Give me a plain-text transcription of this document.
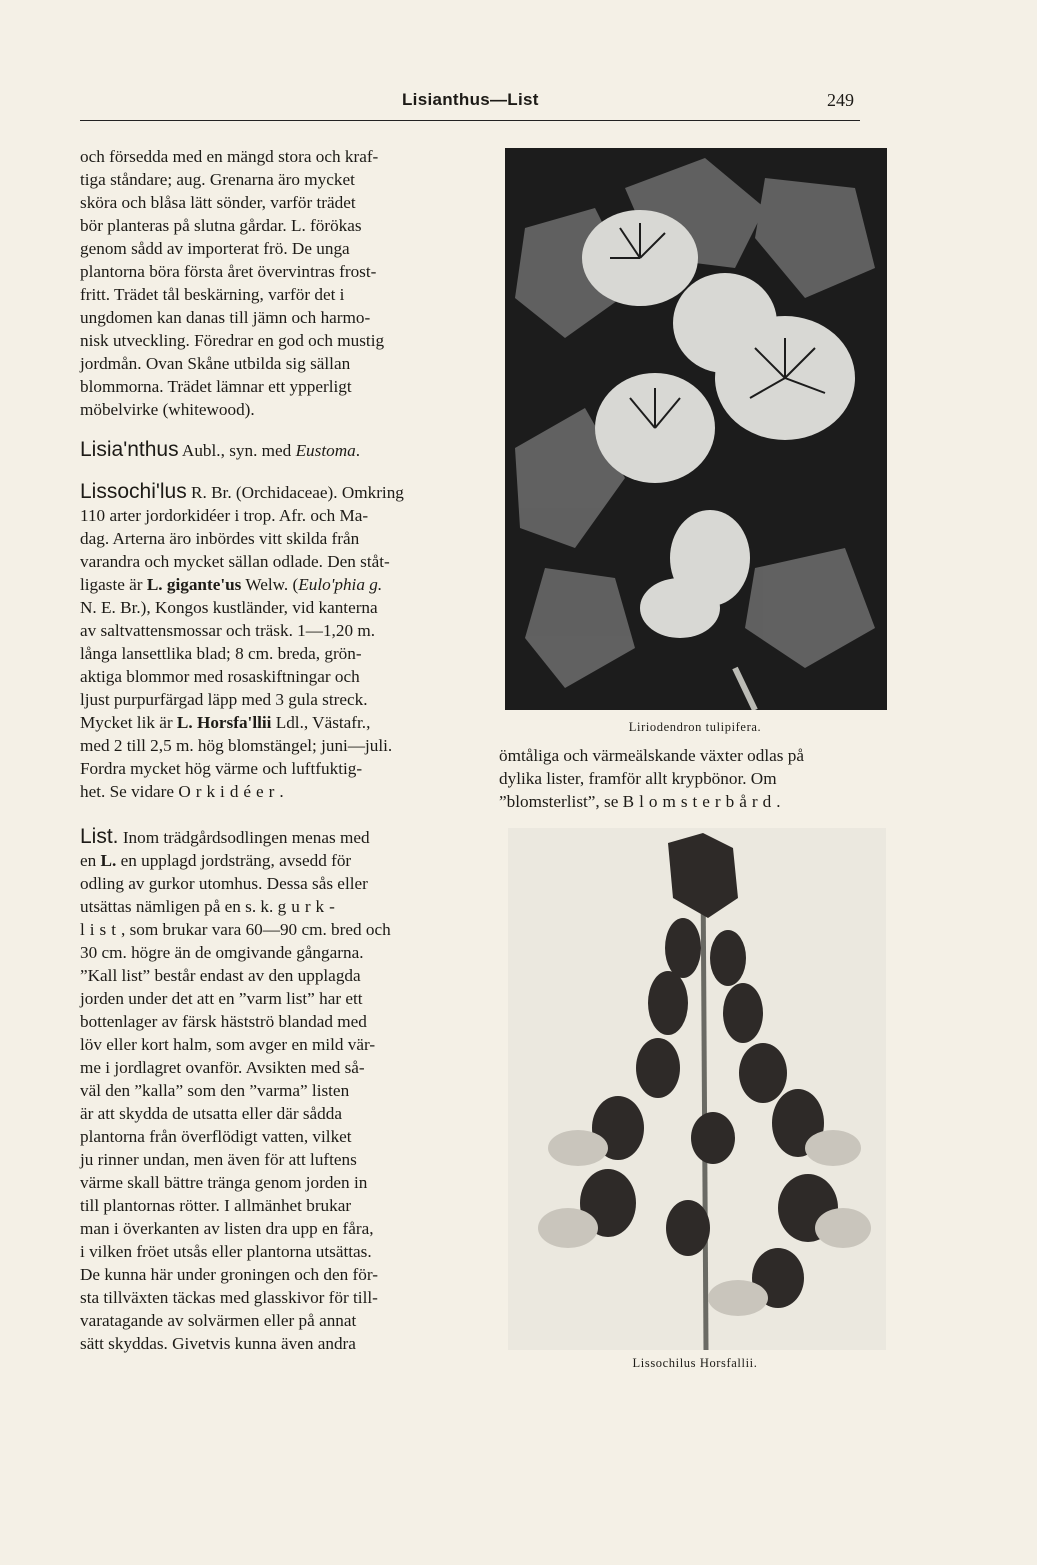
Lisianthus—List	249

och försedda med en mängd stora och kraf-
tiga ståndare; aug. Grenarna äro mycket
sköra och blåsa lätt sönder, varför trädet
bör planteras på slutna gårdar. L. förökas
genom sådd av importerat frö. De unga
plantorna böra första året övervintras frost-
fritt. Trädet tål beskärning, varför det i
ungdomen kan danas till jämn och harmo-
nisk utveckling. Föredrar en god och mustig
jordmån. Ovan Skåne utbilda sig sällan
blommorna. Trädet lämnar ett ypperligt
möbelvirke (whitewood).

Lisia'nthus Aubl., syn. med Eustoma.

Lissochi'lus R. Br. (Orchidaceae). Omkring
110 arter jordorkidéer i trop. Afr. och Ma-
dag. Arterna äro inbördes vitt skilda från
varandra och mycket sällan odlade. Den ståt-
ligaste är L. gigante'us Welw. (Eulo'phia g.
N. E. Br.), Kongos kustländer, vid kanterna
av saltvattensmossar och träsk. 1—1,20 m.
långa lansettlika blad; 8 cm. breda, grön-
aktiga blommor med rosaskiftningar och
ljust purpurfärgad läpp med 3 gula streck.
Mycket lik är L. Horsfa'llii Ldl., Västafr.,
med 2 till 2,5 m. hög blomstängel; juni—juli.
Fordra mycket hög värme och luftfuktig-
het. Se vidare Orkidéer.

List. Inom trädgårdsodlingen menas med
en L. en upplagd jordsträng, avsedd för
odling av gurkor utomhus. Dessa sås eller
utsättas nämligen på en s. k. gurk-
list, som brukar vara 60—90 cm. bred och
30 cm. högre än de omgivande gångarna.
”Kall list” består endast av den upplagda
jorden under det att en ”varm list” har ett
bottenlager av färsk hästströ blandad med
löv eller kort halm, som avger en mild vär-
me i jordlagret ovanför. Avsikten med så-
väl den ”kalla” som den ”varma” listen
är att skydda de utsatta eller där sådda
plantorna från överflödigt vatten, vilket
ju rinner undan, men även för att luftens
värme skall bättre tränga genom jorden in
till plantornas rötter. I allmänhet brukar
man i överkanten av listen dra upp en fåra,
i vilken fröet utsås eller plantorna utsättas.
De kunna här under groningen och den för-
sta tillväxten täckas med glasskivor för till-
varatagande av solvärmen eller på annat
sätt skyddas. Givetvis kunna även andra

Liriodendron tulipifera.

ömtåliga och värmeälskande växter odlas på
dylika lister, framför allt krypbönor. Om
”blomsterlist”, se Blomsterbård.

Lissochilus Horsfallii.
